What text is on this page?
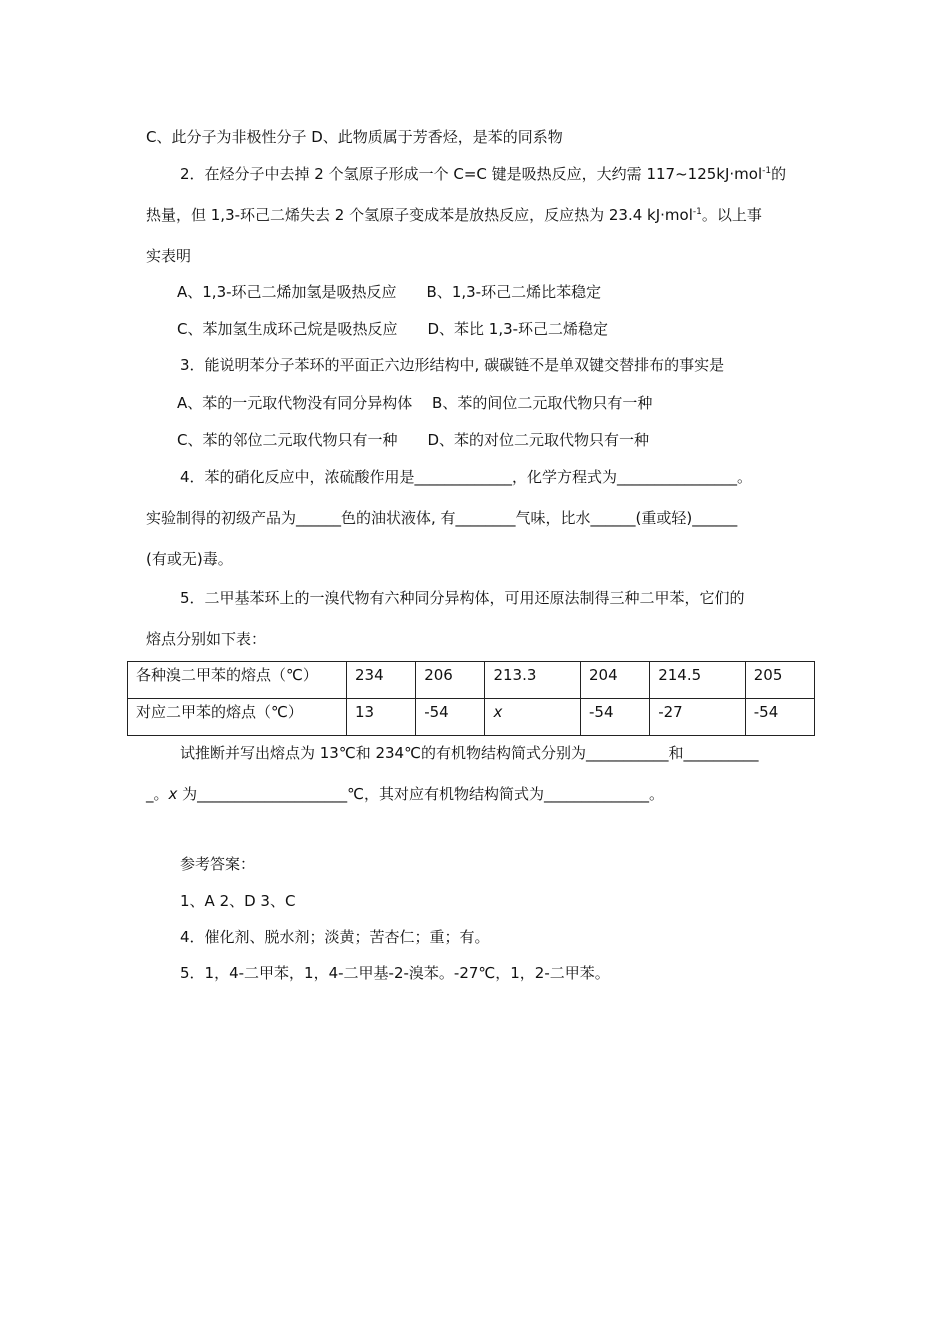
C、此分子为非极性分子 D、此物质属于芳香烃，是苯的同系物
2．在烃分子中去掉 2 个氢原子形成一个 C=C 键是吸热反应，大约需 117~125kJ·mol$^{-1}$的
热量，但 1,3-环己二烯失去 2 个氢原子变成苯是放热反应，反应热为 23.4 kJ·mol$^{-1}$。以上事
实表明
A、1,3-环己二烯加氢是吸热反应　　B、1,3-环己二烯比苯稳定
C、苯加氢生成环己烷是吸热反应　　D、苯比 1,3-环己二烯稳定
3．能说明苯分子苯环的平面正六边形结构中, 碳碳链不是单双键交替排布的事实是
A、苯的一元取代物没有同分异构体　 B、苯的间位二元取代物只有一种
C、苯的邻位二元取代物只有一种　　D、苯的对位二元取代物只有一种
4．苯的硝化反应中，浓硫酸作用是_____________，化学方程式为________________。
实验制得的初级产品为______色的油状液体, 有________气味，比水______(重或轻)______
(有或无)毒。
5．二甲基苯环上的一溴代物有六种同分异构体，可用还原法制得三种二甲苯，它们的
熔点分别如下表：
各种溴二甲苯的熔点（℃）	234	206	213.3	204	214.5	205
对应二甲苯的熔点（℃）	13	-54	x	-54	-27	-54
试推断并写出熔点为 13℃和 234℃的有机物结构简式分别为___________和__________
_。x 为____________________℃，其对应有机物结构简式为______________。
参考答案：
1、A 2、D 3、C
4．催化剂、脱水剂；淡黄；苦杏仁；重；有。
5．1，4-二甲苯，1，4-二甲基-2-溴苯。-27℃，1，2-二甲苯。
